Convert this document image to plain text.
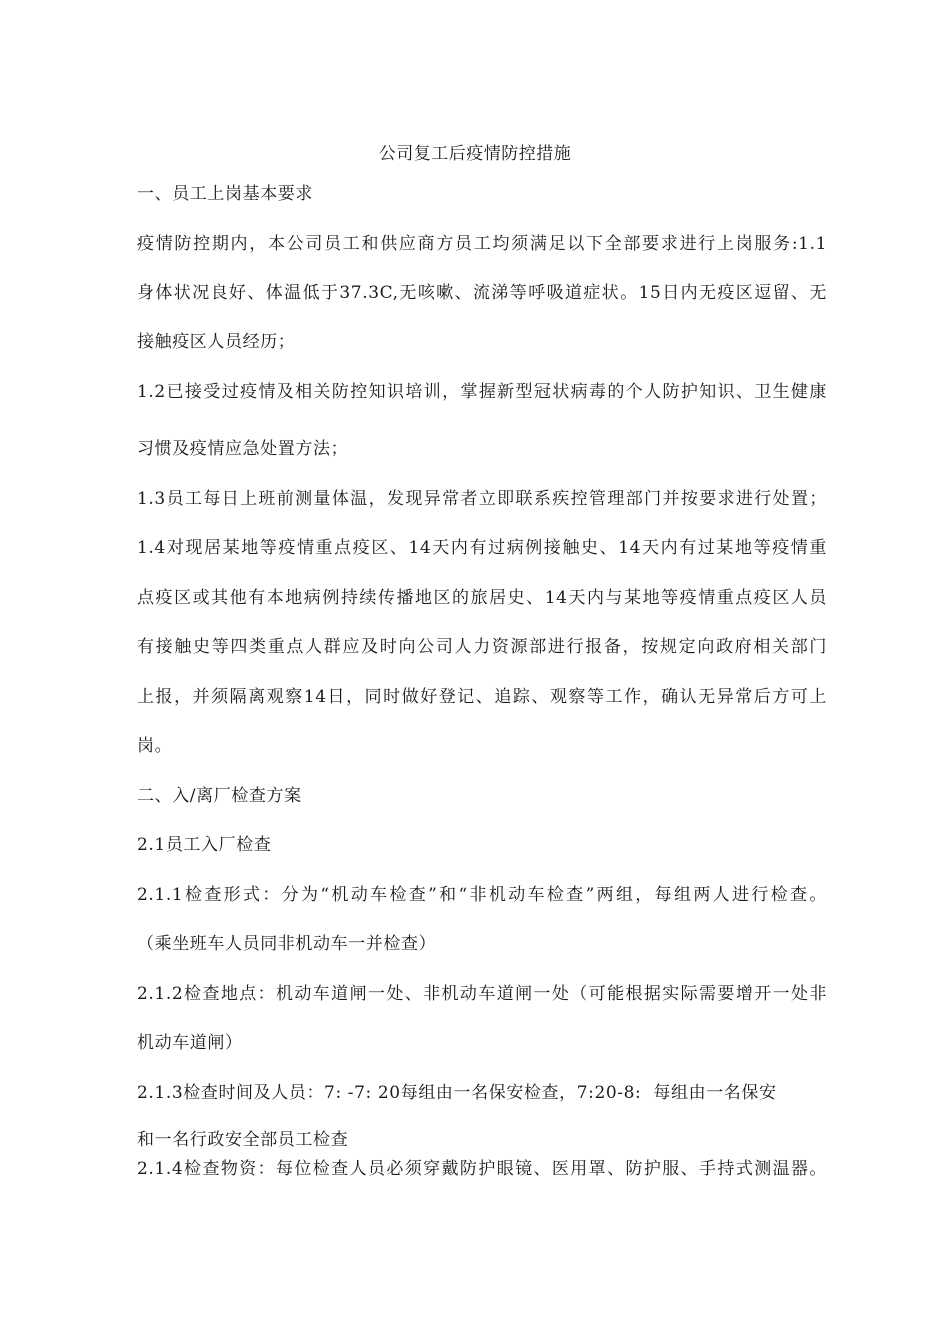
公司复工后疫情防控措施
一、员工上岗基本要求
疫情防控期内，本公司员工和供应商方员工均须满足以下全部要求进行上岗服务:1.1
身体状况良好、体温低于37.3C,无咳嗽、流涕等呼吸道症状。15日内无疫区逗留、无
接触疫区人员经历；
1.2已接受过疫情及相关防控知识培训，掌握新型冠状病毒的个人防护知识、卫生健康
习惯及疫情应急处置方法；
1.3员工每日上班前测量体温，发现异常者立即联系疾控管理部门并按要求进行处置；
1.4对现居某地等疫情重点疫区、14天内有过病例接触史、14天内有过某地等疫情重
点疫区或其他有本地病例持续传播地区的旅居史、14天内与某地等疫情重点疫区人员
有接触史等四类重点人群应及时向公司人力资源部进行报备，按规定向政府相关部门
上报，并须隔离观察14日，同时做好登记、追踪、观察等工作，确认无异常后方可上
岗。
二、入/离厂检查方案
2.1员工入厂检查
2.1.1检查形式：分为“机动车检查”和“非机动车检查”两组，每组两人进行检查。
（乘坐班车人员同非机动车一并检查）
2.1.2检查地点：机动车道闸一处、非机动车道闸一处（可能根据实际需要增开一处非
机动车道闸）
2.1.3检查时间及人员：7: -7: 20每组由一名保安检查，7:20-8:  每组由一名保安
和一名行政安全部员工检查
2.1.4检查物资：每位检查人员必须穿戴防护眼镜、医用罩、防护服、手持式测温器。
